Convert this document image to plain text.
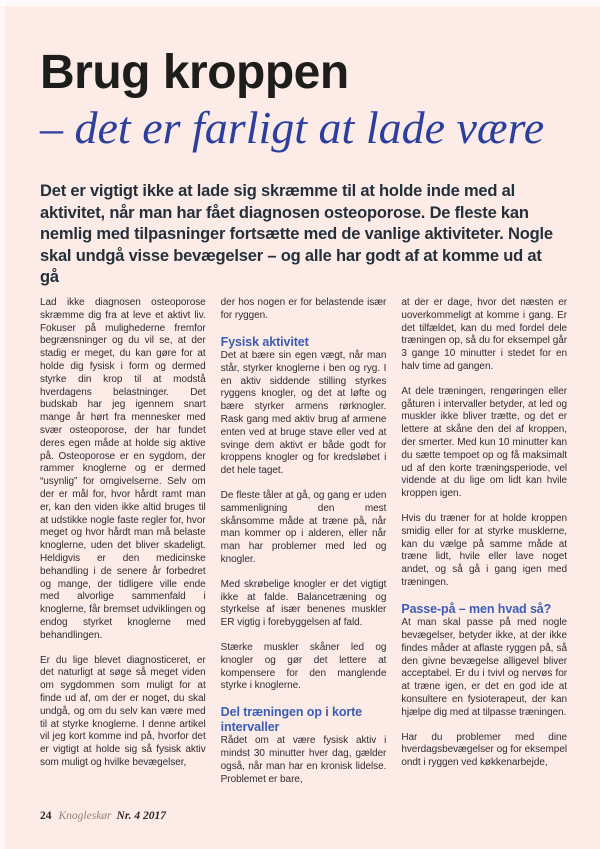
Brug kroppen
– det er farligt at lade være

Det er vigtigt ikke at lade sig skræmme til at holde inde med al aktivitet, når man har fået diagnosen osteoporose. De fleste kan nemlig med tilpasninger fortsætte med de vanlige aktiviteter. Nogle skal undgå visse bevægelser – og alle har godt af at komme ud at gå

Lad ikke diagnosen osteoporose skræmme dig fra at leve et aktivt liv. Fokuser på mulighederne fremfor begrænsninger og du vil se, at der stadig er meget, du kan gøre for at holde dig fysisk i form og dermed styrke din krop til at modstå hverdagens belastninger. Det budskab har jeg igennem snart mange år hørt fra mennesker med svær osteoporose, der har fundet deres egen måde at holde sig aktive på. Osteoporose er en sygdom, der rammer knoglerne og er dermed “usynlig” for omgivelserne. Selv om der er mål for, hvor hårdt ramt man er, kan den viden ikke altid bruges til at udstikke nogle faste regler for, hvor meget og hvor hårdt man må belaste knoglerne, uden det bliver skadeligt. Heldigvis er den medicinske behandling i de senere år forbedret og mange, der tidligere ville ende med alvorlige sammenfald i knoglerne, får bremset udviklingen og endog styrket knoglerne med behandlingen.

Er du lige blevet diagnosticeret, er det naturligt at søge så meget viden om sygdommen som muligt for at finde ud af, om der er noget, du skal undgå, og om du selv kan være med til at styrke knoglerne. I denne artikel vil jeg kort komme ind på, hvorfor det er vigtigt at holde sig så fysisk aktiv som muligt og hvilke bevægelser,

der hos nogen er for belastende især for ryggen.

Fysisk aktivitet

Det at bære sin egen vægt, når man står, styrker knoglerne i ben og ryg. I en aktiv siddende stilling styrkes ryggens knogler, og det at løfte og bære styrker armens rørknogler. Rask gang med aktiv brug af armene enten ved at bruge stave eller ved at svinge dem aktivt er både godt for kroppens knogler og for kredsløbet i det hele taget.

De fleste tåler at gå, og gang er uden sammenligning den mest skånsomme måde at træne på, når man kommer op i alderen, eller når man har problemer med led og knogler.

Med skrøbelige knogler er det vigtigt ikke at falde. Balancetræning og styrkelse af især benenes muskler ER vigtig i forebyggelsen af fald.

Stærke muskler skåner led og knogler og gør det lettere at kompensere for den manglende styrke i knoglerne.

Del træningen op i korte intervaller

Rådet om at være fysisk aktiv i mindst 30 minutter hver dag, gælder også, når man har en kronisk lidelse. Problemet er bare,

at der er dage, hvor det næsten er uoverkommeligt at komme i gang. Er det tilfældet, kan du med fordel dele træningen op, så du for eksempel går 3 gange 10 minutter i stedet for en halv time ad gangen.

At dele træningen, rengøringen eller gåturen i intervaller betyder, at led og muskler ikke bliver trætte, og det er lettere at skåne den del af kroppen, der smerter. Med kun 10 minutter kan du sætte tempoet op og få maksimalt ud af den korte træningsperiode, vel vidende at du lige om lidt kan hvile kroppen igen.

Hvis du træner for at holde kroppen smidig eller for at styrke musklerne, kan du vælge på samme måde at træne lidt, hvile eller lave noget andet, og så gå i gang igen med træningen.

Passe-på – men hvad så?

At man skal passe på med nogle bevægelser, betyder ikke, at der ikke findes måder at aflaste ryggen på, så den givne bevægelse alligevel bliver acceptabel. Er du i tvivl og nervøs for at træne igen, er det en god ide at konsultere en fysioterapeut, der kan hjælpe dig med at tilpasse træningen.

Har du problemer med dine hverdagsbevægelser og for eksempel ondt i ryggen ved køkkenarbejde,

24 Knogleskør Nr. 4 2017
